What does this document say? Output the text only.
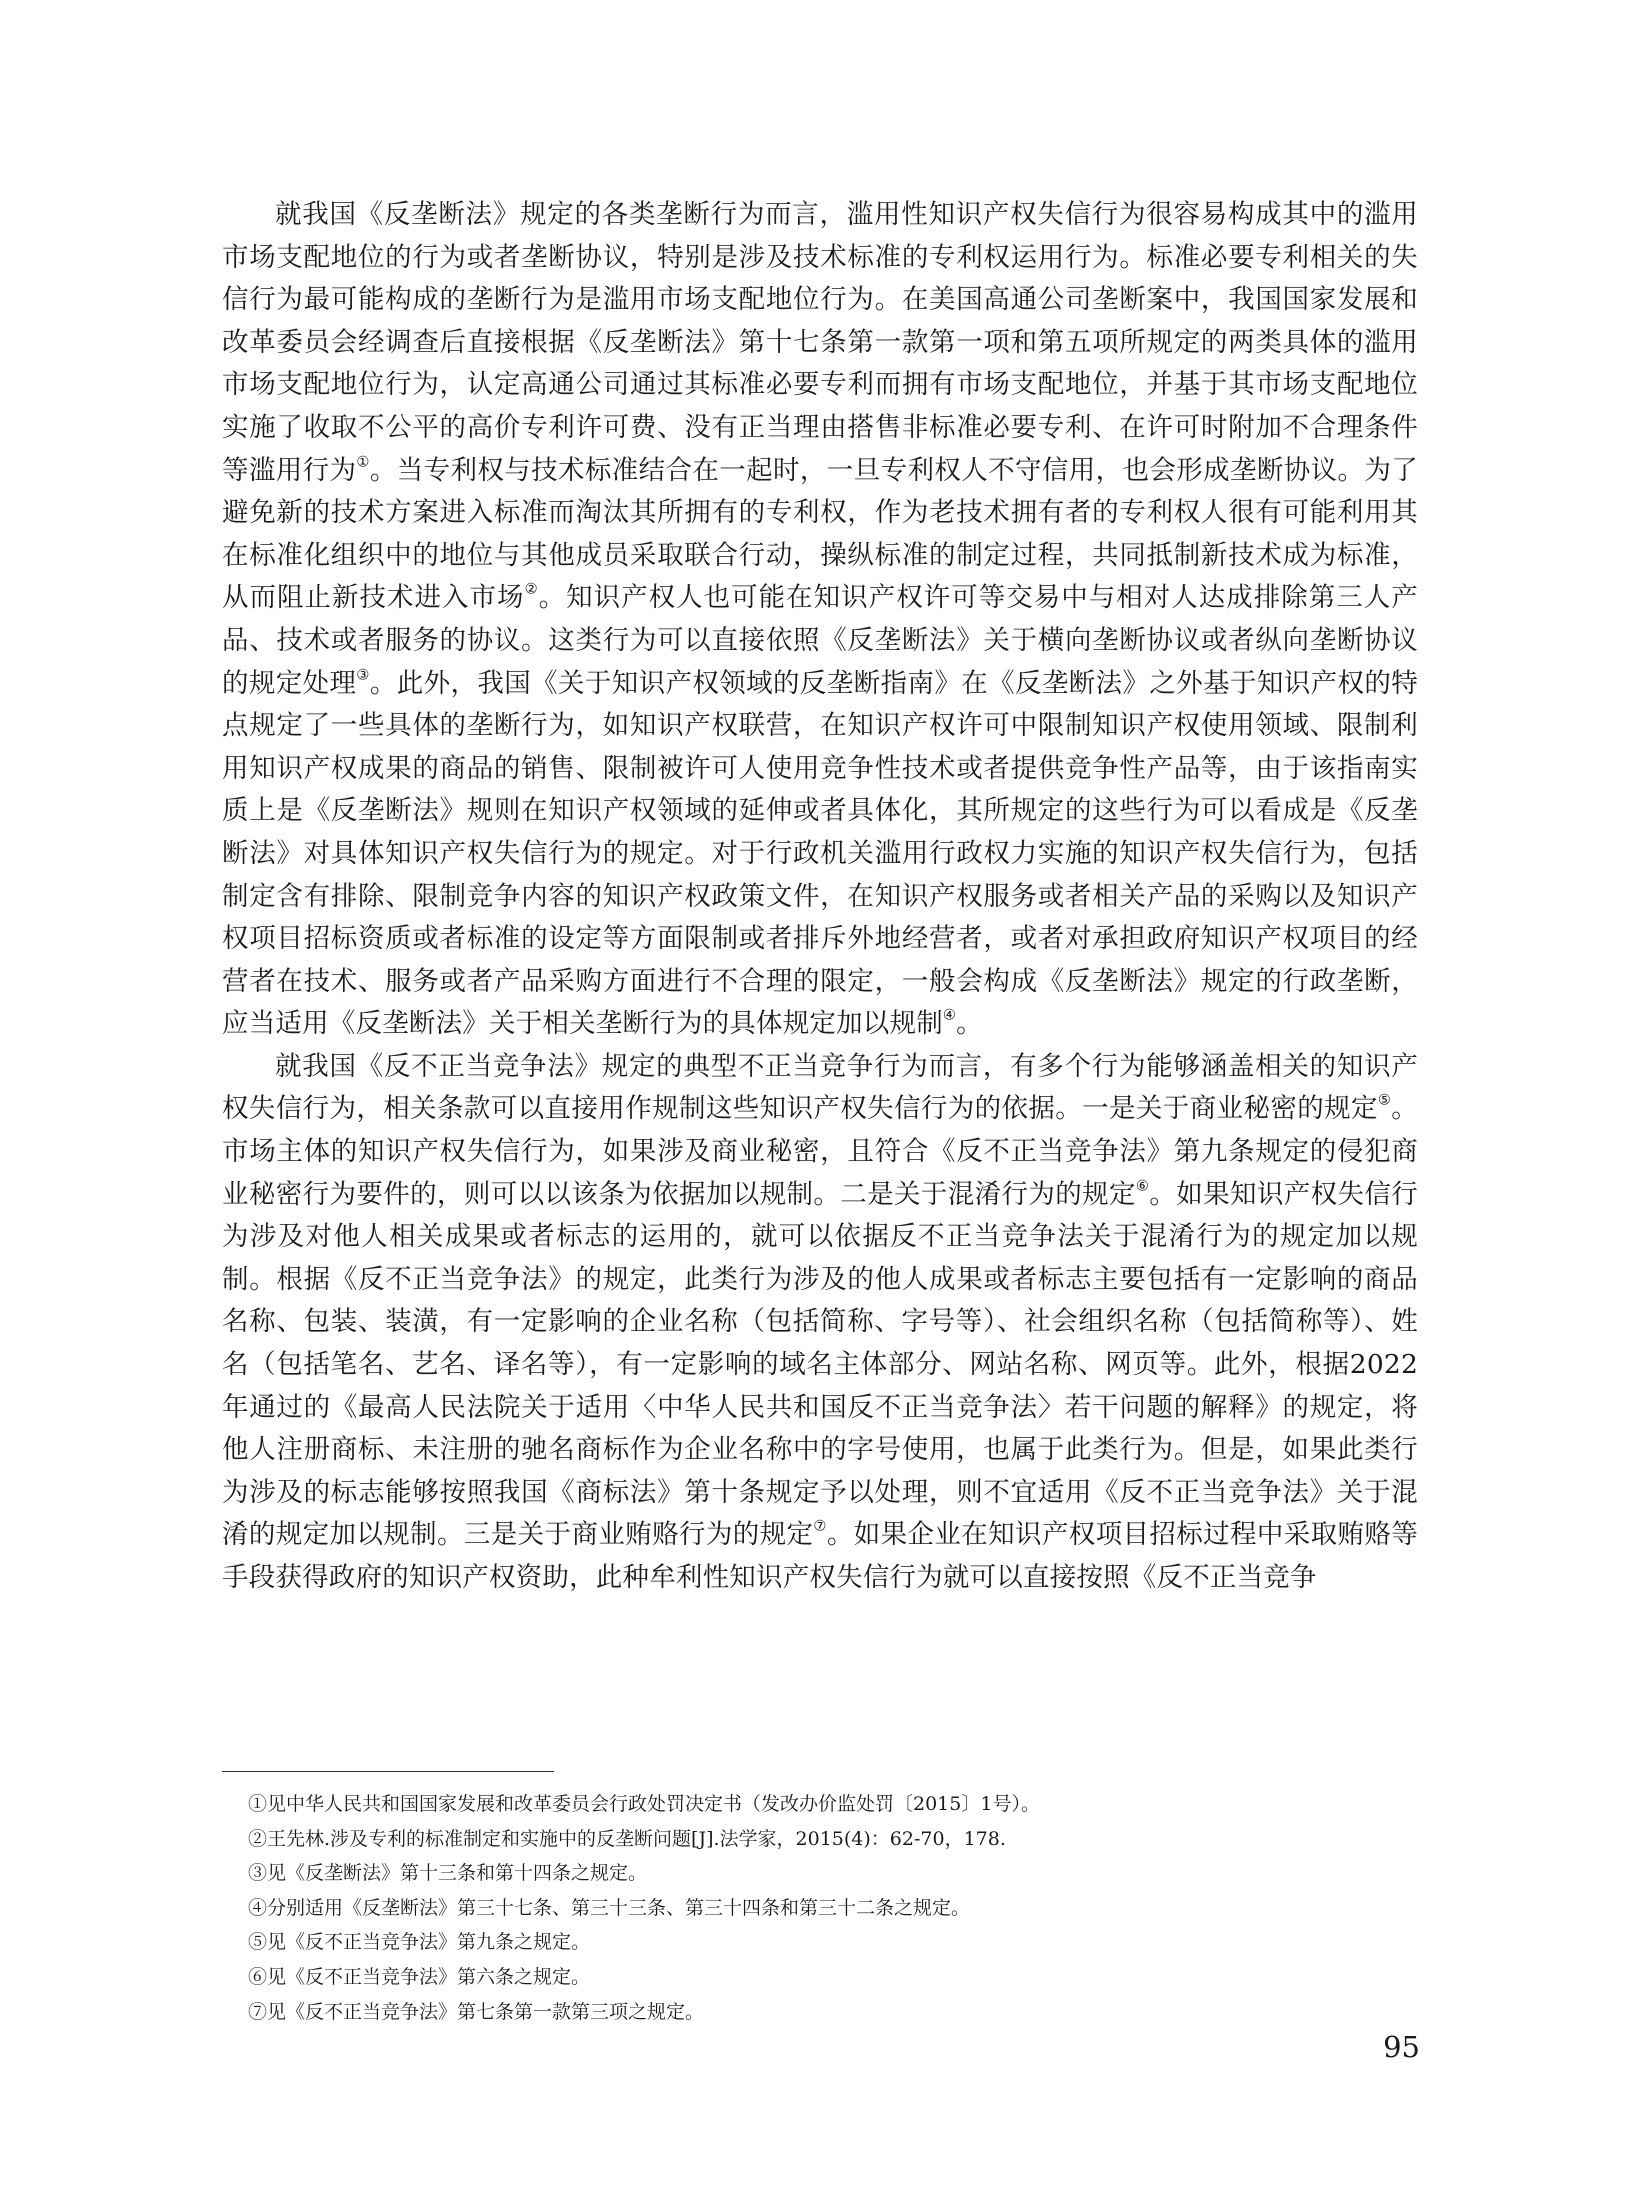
就我国《反垄断法》规定的各类垄断行为而言，滥用性知识产权失信行为很容易构成其中的滥用市场支配地位的行为或者垄断协议，特别是涉及技术标准的专利权运用行为。标准必要专利相关的失信行为最可能构成的垄断行为是滥用市场支配地位行为。在美国高通公司垄断案中，我国国家发展和改革委员会经调查后直接根据《反垄断法》第十七条第一款第一项和第五项所规定的两类具体的滥用市场支配地位行为，认定高通公司通过其标准必要专利而拥有市场支配地位，并基于其市场支配地位实施了收取不公平的高价专利许可费、没有正当理由搭售非标准必要专利、在许可时附加不合理条件等滥用行为①。当专利权与技术标准结合在一起时，一旦专利权人不守信用，也会形成垄断协议。为了避免新的技术方案进入标准而淘汰其所拥有的专利权，作为老技术拥有者的专利权人很有可能利用其在标准化组织中的地位与其他成员采取联合行动，操纵标准的制定过程，共同抵制新技术成为标准，从而阻止新技术进入市场②。知识产权人也可能在知识产权许可等交易中与相对人达成排除第三人产品、技术或者服务的协议。这类行为可以直接依照《反垄断法》关于横向垄断协议或者纵向垄断协议的规定处理③。此外，我国《关于知识产权领域的反垄断指南》在《反垄断法》之外基于知识产权的特点规定了一些具体的垄断行为，如知识产权联营，在知识产权许可中限制知识产权使用领域、限制利用知识产权成果的商品的销售、限制被许可人使用竞争性技术或者提供竞争性产品等，由于该指南实质上是《反垄断法》规则在知识产权领域的延伸或者具体化，其所规定的这些行为可以看成是《反垄断法》对具体知识产权失信行为的规定。对于行政机关滥用行政权力实施的知识产权失信行为，包括制定含有排除、限制竞争内容的知识产权政策文件，在知识产权服务或者相关产品的采购以及知识产权项目招标资质或者标准的设定等方面限制或者排斥外地经营者，或者对承担政府知识产权项目的经营者在技术、服务或者产品采购方面进行不合理的限定，一般会构成《反垄断法》规定的行政垄断，应当适用《反垄断法》关于相关垄断行为的具体规定加以规制④。

就我国《反不正当竞争法》规定的典型不正当竞争行为而言，有多个行为能够涵盖相关的知识产权失信行为，相关条款可以直接用作规制这些知识产权失信行为的依据。一是关于商业秘密的规定⑤。市场主体的知识产权失信行为，如果涉及商业秘密，且符合《反不正当竞争法》第九条规定的侵犯商业秘密行为要件的，则可以以该条为依据加以规制。二是关于混淆行为的规定⑥。如果知识产权失信行为涉及对他人相关成果或者标志的运用的，就可以依据反不正当竞争法关于混淆行为的规定加以规制。根据《反不正当竞争法》的规定，此类行为涉及的他人成果或者标志主要包括有一定影响的商品名称、包装、装潢，有一定影响的企业名称（包括简称、字号等）、社会组织名称（包括简称等）、姓名（包括笔名、艺名、译名等），有一定影响的域名主体部分、网站名称、网页等。此外，根据2022年通过的《最高人民法院关于适用〈中华人民共和国反不正当竞争法〉若干问题的解释》的规定，将他人注册商标、未注册的驰名商标作为企业名称中的字号使用，也属于此类行为。但是，如果此类行为涉及的标志能够按照我国《商标法》第十条规定予以处理，则不宜适用《反不正当竞争法》关于混淆的规定加以规制。三是关于商业贿赂行为的规定⑦。如果企业在知识产权项目招标过程中采取贿赂等手段获得政府的知识产权资助，此种牟利性知识产权失信行为就可以直接按照《反不正当竞争

①见中华人民共和国国家发展和改革委员会行政处罚决定书（发改办价监处罚〔2015〕1号）。

②王先林.涉及专利的标准制定和实施中的反垄断问题[J].法学家，2015(4)：62-70，178.

③见《反垄断法》第十三条和第十四条之规定。

④分别适用《反垄断法》第三十七条、第三十三条、第三十四条和第三十二条之规定。

⑤见《反不正当竞争法》第九条之规定。

⑥见《反不正当竞争法》第六条之规定。

⑦见《反不正当竞争法》第七条第一款第三项之规定。

95
